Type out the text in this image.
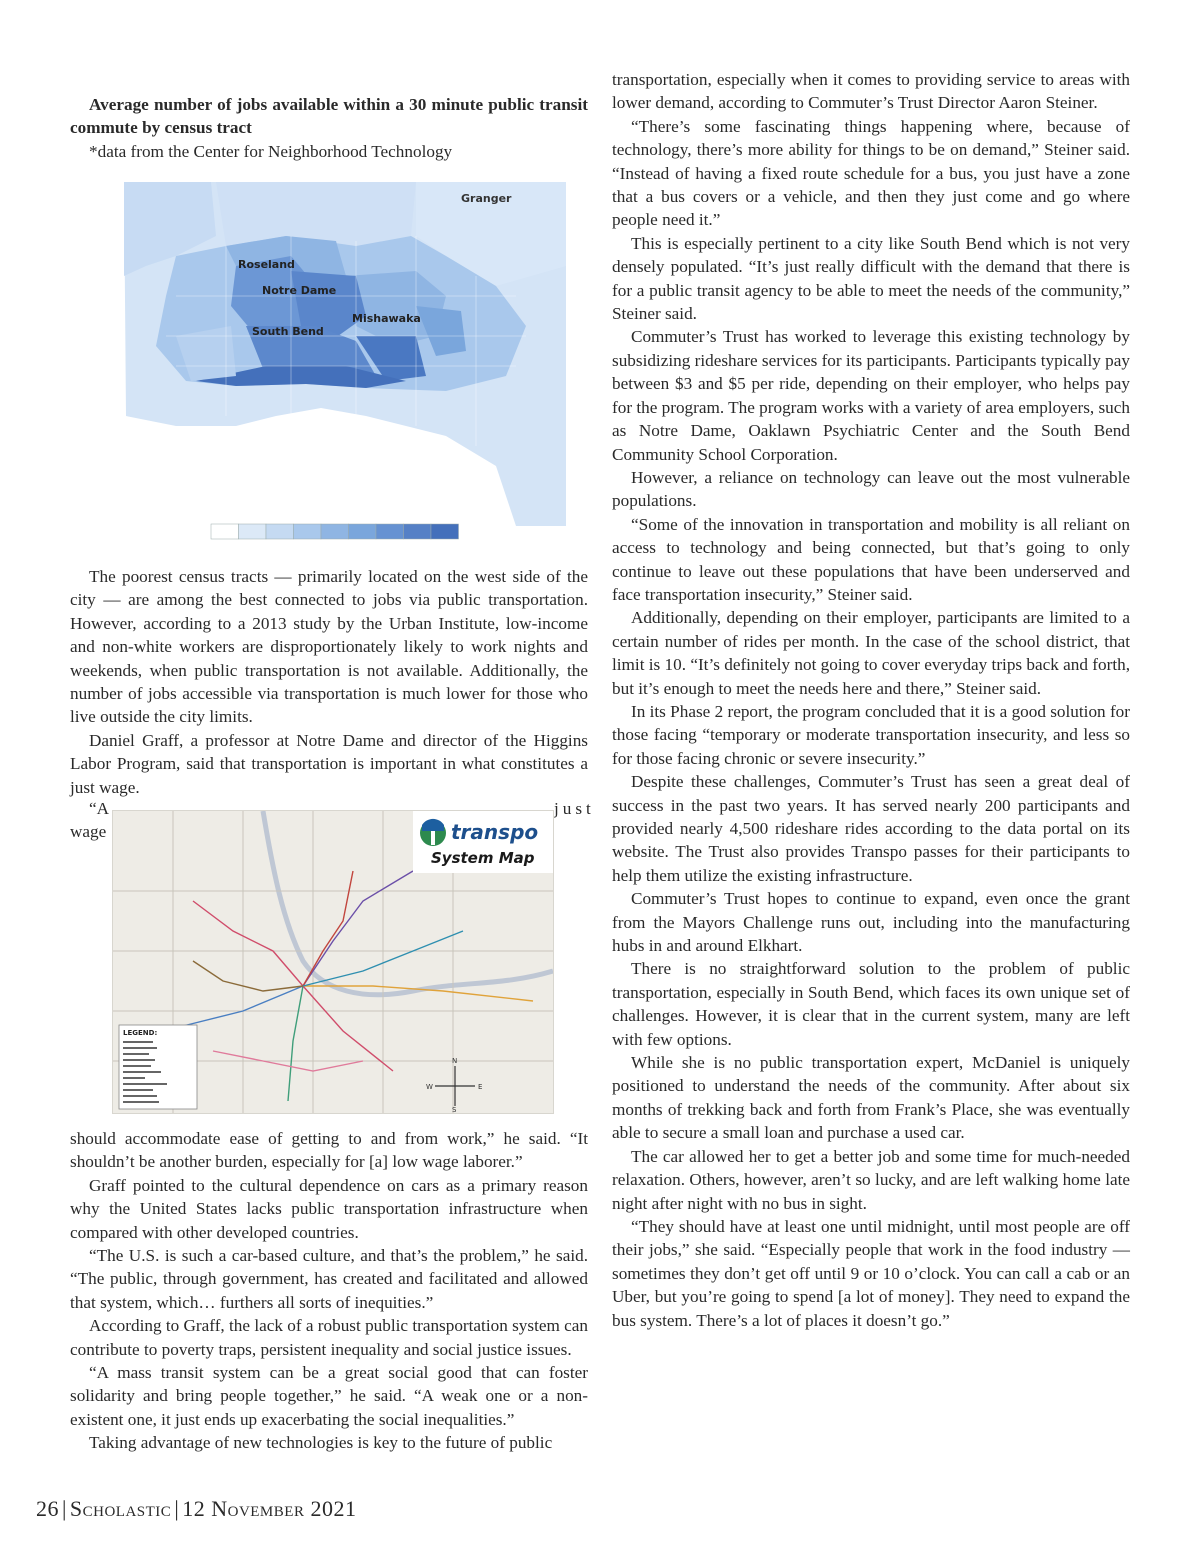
Average number of jobs available within a 30 minute public transit commute by census tract

*data from the Center for Neighborhood Technology

Granger
Roseland
Notre Dame
Mishawaka
South Bend

The poorest census tracts — primarily located on the west side of the city — are among the best connected to jobs via public transportation. However, according to a 2013 study by the Urban Institute, low-income and non-white workers are disproportionately likely to work nights and weekends, when public transportation is not available. Additionally, the number of jobs accessible via transportation is much lower for those who live outside the city limits.

Daniel Graff, a professor at Notre Dame and director of the Higgins Labor Program, said that transportation is important in what constitutes a just wage.

“A	just
wage	transpo
System Map
LEGEND:
N
W	E
S

should accommodate ease of getting to and from work,” he said. “It shouldn’t be another burden, especially for [a] low wage laborer.”

Graff pointed to the cultural dependence on cars as a primary reason why the United States lacks public transportation infrastructure when compared with other developed countries.

“The U.S. is such a car-based culture, and that’s the problem,” he said. “The public, through government, has created and facilitated and allowed that system, which… furthers all sorts of inequities.”

According to Graff, the lack of a robust public transportation system can contribute to poverty traps, persistent inequality and social justice issues.

“A mass transit system can be a great social good that can foster solidarity and bring people together,” he said. “A weak one or a non-existent one, it just ends up exacerbating the social inequalities.”

Taking advantage of new technologies is key to the future of public

transportation, especially when it comes to providing service to areas with lower demand, according to Commuter’s Trust Director Aaron Steiner.

“There’s some fascinating things happening where, because of technology, there’s more ability for things to be on demand,” Steiner said. “Instead of having a fixed route schedule for a bus, you just have a zone that a bus covers or a vehicle, and then they just come and go where people need it.”

This is especially pertinent to a city like South Bend which is not very densely populated. “It’s just really difficult with the demand that there is for a public transit agency to be able to meet the needs of the community,” Steiner said.

Commuter’s Trust has worked to leverage this existing technology by subsidizing rideshare services for its participants. Participants typically pay between $3 and $5 per ride, depending on their employer, who helps pay for the program. The program works with a variety of area employers, such as Notre Dame, Oaklawn Psychiatric Center and the South Bend Community School Corporation.

However, a reliance on technology can leave out the most vulnerable populations.

“Some of the innovation in transportation and mobility is all reliant on access to technology and being connected, but that’s going to only continue to leave out these populations that have been underserved and face transportation insecurity,” Steiner said.

Additionally, depending on their employer, participants are limited to a certain number of rides per month. In the case of the school district, that limit is 10. “It’s definitely not going to cover everyday trips back and forth, but it’s enough to meet the needs here and there,” Steiner said.

In its Phase 2 report, the program concluded that it is a good solution for those facing “temporary or moderate transportation insecurity, and less so for those facing chronic or severe insecurity.”

Despite these challenges, Commuter’s Trust has seen a great deal of success in the past two years. It has served nearly 200 participants and provided nearly 4,500 rideshare rides according to the data portal on its website. The Trust also provides Transpo passes for their participants to help them utilize the existing infrastructure.

Commuter’s Trust hopes to continue to expand, even once the grant from the Mayors Challenge runs out, including into the manufacturing hubs in and around Elkhart.

There is no straightforward solution to the problem of public transportation, especially in South Bend, which faces its own unique set of challenges. However, it is clear that in the current system, many are left with few options.

While she is no public transportation expert, McDaniel is uniquely positioned to understand the needs of the community. After about six months of trekking back and forth from Frank’s Place, she was eventually able to secure a small loan and purchase a used car.

The car allowed her to get a better job and some time for much-needed relaxation. Others, however, aren’t so lucky, and are left walking home late night after night with no bus in sight.

“They should have at least one until midnight, until most people are off their jobs,” she said. “Especially people that work in the food industry — sometimes they don’t get off until 9 or 10 o’clock. You can call a cab or an Uber, but you’re going to spend [a lot of money]. They need to expand the bus system. There’s a lot of places it doesn’t go.”

26 | Scholastic | 12 November 2021
